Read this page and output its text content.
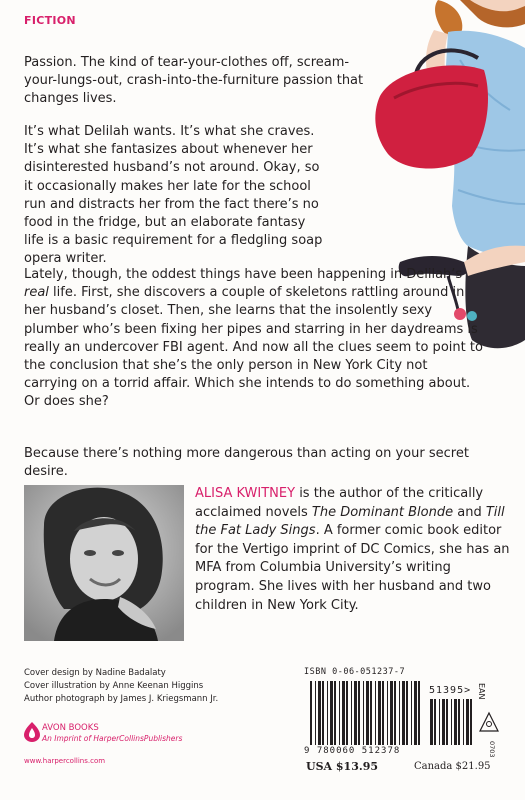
FICTION

Passion. The kind of tear-your-clothes off, scream-your-lungs-out, crash-into-the-furniture passion that changes lives.

It’s what Delilah wants. It’s what she craves. It’s what she fantasizes about whenever her disinterested husband’s not around. Okay, so it occasionally makes her late for the school run and distracts her from the fact there’s no food in the fridge, but an elaborate fantasy life is a basic requirement for a fledgling soap opera writer.

Lately, though, the oddest things have been happening in Delilah’s real life. First, she discovers a couple of skeletons rattling around in her husband’s closet. Then, she learns that the insolently sexy plumber who’s been fixing her pipes and starring in her daydreams is really an undercover FBI agent. And now all the clues seem to point to the conclusion that she’s the only person in New York City not carrying on a torrid affair. Which she intends to do something about. Or does she?

Because there’s nothing more dangerous than acting on your secret desire.

ALISA KWITNEY is the author of the critically acclaimed novels The Dominant Blonde and Till the Fat Lady Sings. A former comic book editor for the Vertigo imprint of DC Comics, she has an MFA from Columbia University’s writing program. She lives with her husband and two children in New York City.

Cover design by Nadine Badalaty
Cover illustration by Anne Keenan Higgins
Author photograph by James J. Kriegsmann Jr.
AVON BOOKS
An Imprint of HarperCollinsPublishers
www.harpercollins.com
ISBN 0-06-051237-7
51395> EAN
9 780060 512378	0703
USA $13.95	Canada $21.95
